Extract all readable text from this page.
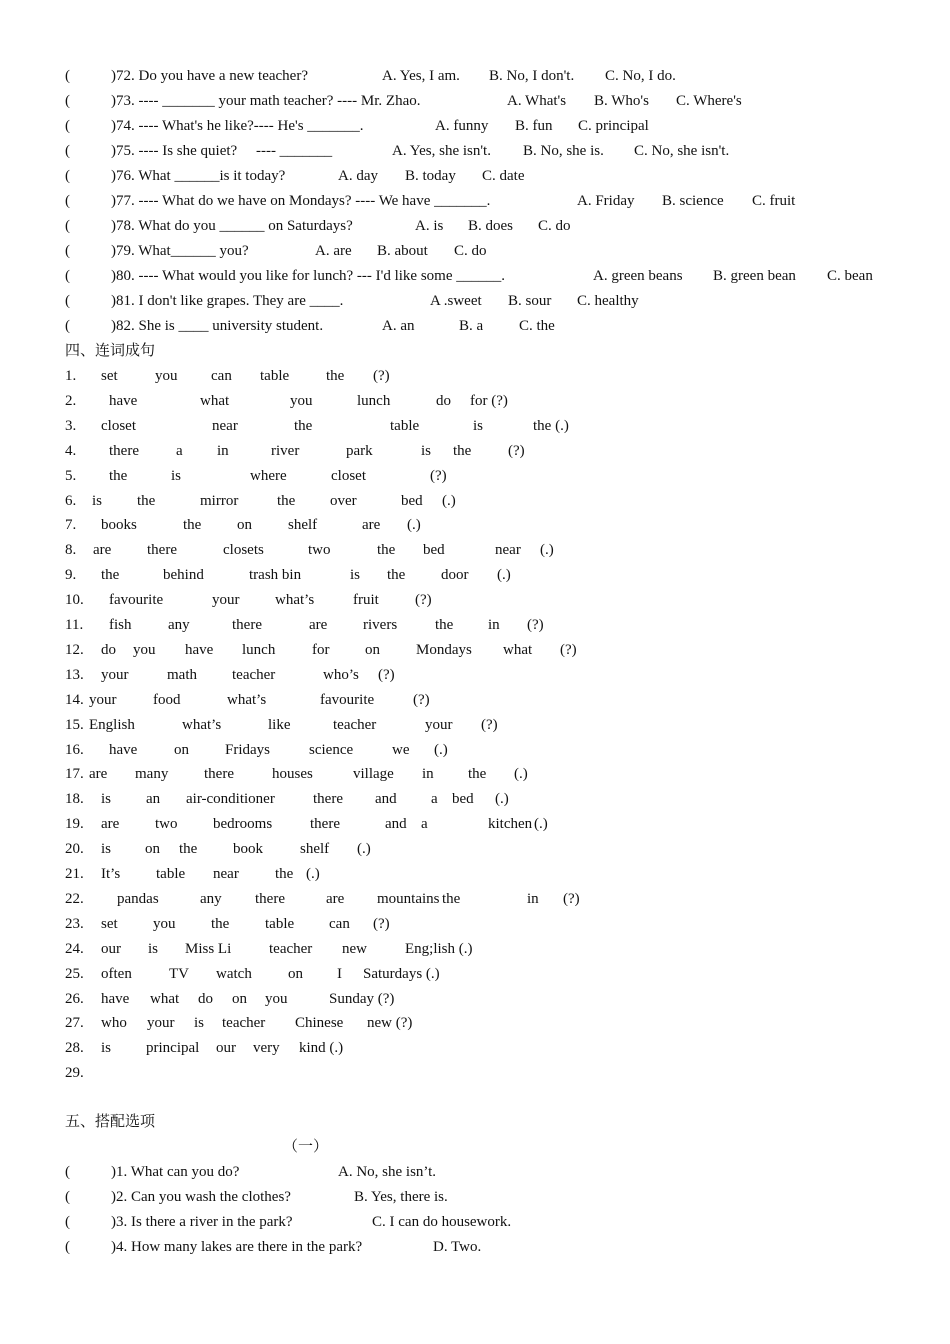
(	)72. Do you have a new teacher?	A. Yes, I am. B. No, I don't. C. No, I do.
(	)73. ---- _______ your math teacher? ---- Mr. Zhao.	A. What's B. Who's C. Where's
(	)74. ---- What's he like?---- He's _______.	A. funny B. fun C. principal
(	)75. ---- Is she quiet?     ---- _______	A. Yes, she isn't. B. No, she is. C. No, she isn't.
(	)76. What ______is it today?	A. day B. today C. date
(	)77. ---- What do we have on Mondays? ---- We have _______.	A. Friday B. science C. fruit
(	)78. What do you ______ on Saturdays?	A. is B. does C. do
(	)79. What______ you?	A. are B. about C. do
(	)80. ---- What would you like for lunch? --- I'd like some ______.	A. green beans B. green bean C. bean
(	)81. I don't like grapes. They are ____.	A .sweet B. sour C. healthy
(	)82. She is ____ university student.	A. an	B. a C. the
四、连词成句
1. set you can table the (?)
2. have	what	you	lunch	do for (?)
3. closet	near	the	table	is	the (.)
4. there a in	river	park	is the (?)
5. the	is	where	closet	(?)
6. is the	mirror	the over	bed (.)
7. books	the on shelf	are (.)
8. are there	closets	two	the bed	near (.)
9. the	behind	trash bin	is the door (.)
10. favourite	your what’s	fruit (?)
11. fish any	there	are rivers	the in (?)
12. do you have lunch for on Mondays what (?)
13. your	math teacher	who’s (?)
14. your food	what’s	favourite	(?)
15. English	what’s	like	teacher	your (?)
16. have on Fridays	science	we (.)
17. are many there	houses	village in the (.)
18. is an air-conditioner	there and a bed (.)
19. are two bedrooms	there	and a	kitchen (.)
20. is on the book shelf (.)
21. It’s table near the (.)
22. pandas	any there	are mountains the	in (?)
23. set you the table can (?)
24. our is Miss Li	teacher new	Eng;lish (.)
25. often TV watch on I Saturdays (.)
26. have what do on you	Sunday (?)
27. who your is teacher Chinese new (?)
28. is principal our very kind (.)
29.
五、搭配选项
（一）
(	)1. What can you do?	A. No, she isn’t.
(	)2. Can you wash the clothes?	B. Yes, there is.
(	)3. Is there a river in the park?	C. I can do housework.
(	)4. How many lakes are there in the park?	D. Two.
